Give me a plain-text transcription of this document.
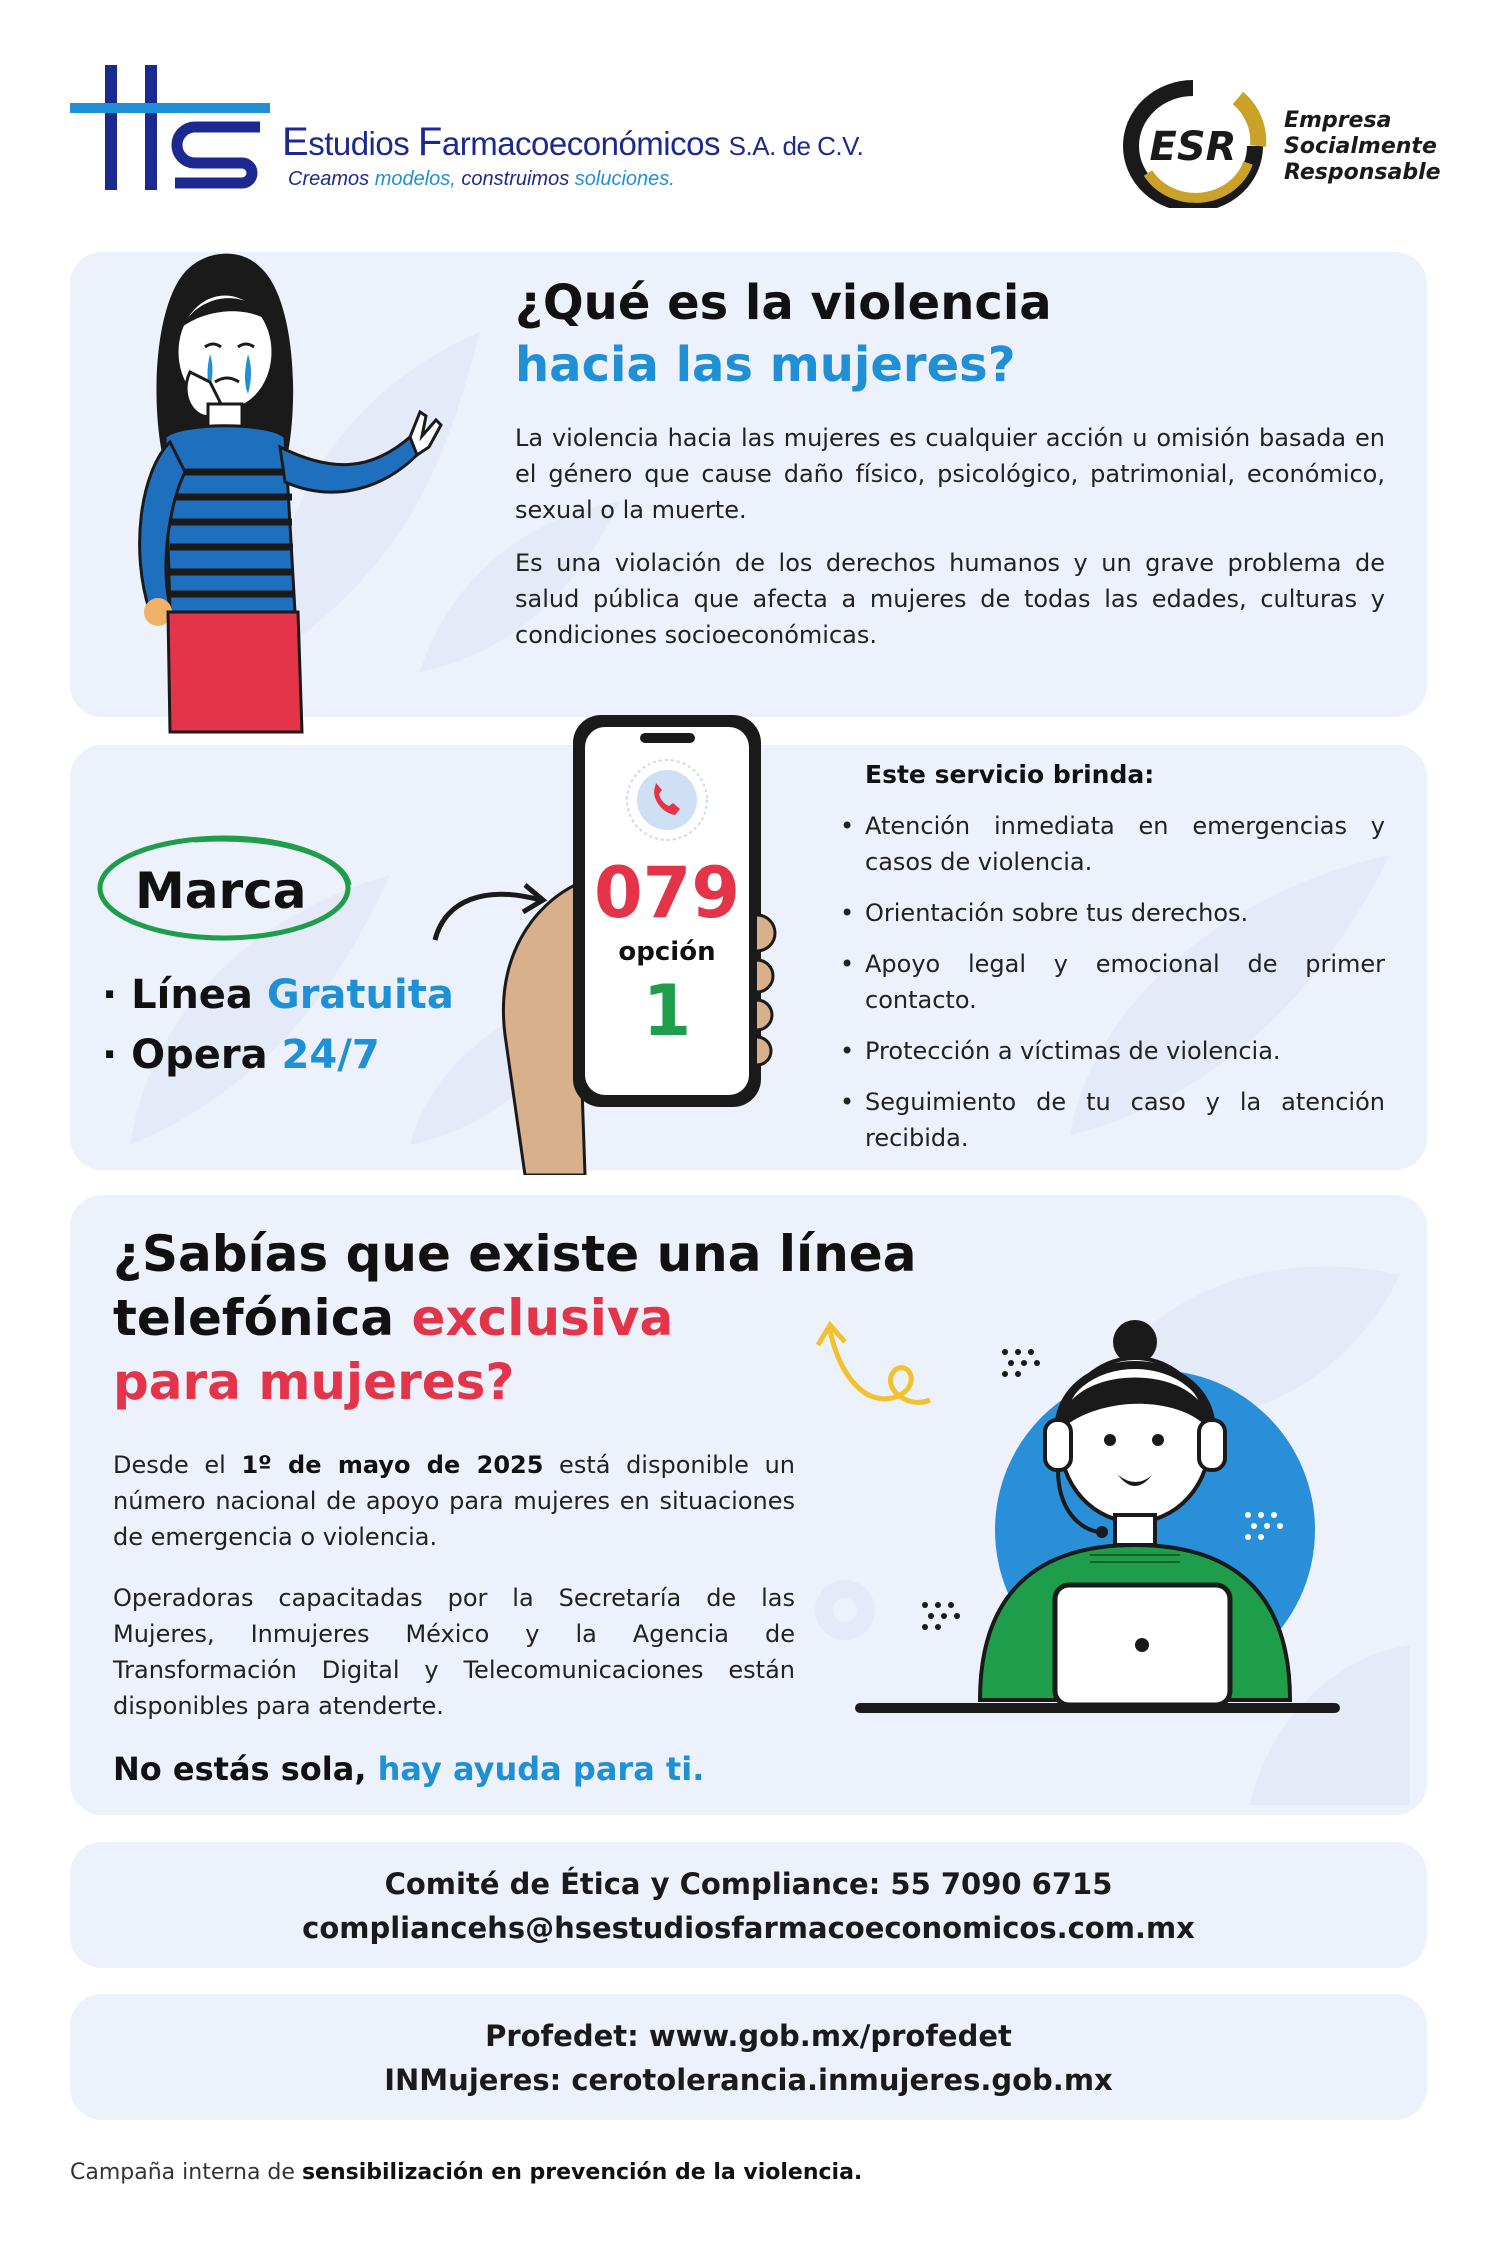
Estudios Farmacoeconómicos S.A. de C.V.
Creamos modelos, construimos soluciones.
ESR
Empresa
Socialmente
Responsable
¿Qué es la violencia
hacia las mujeres?

La violencia hacia las mujeres es cualquier acción u omisión basada en el género que cause daño físico, psicológico, patrimonial, económico, sexual o la muerte.

Es una violación de los derechos humanos y un grave problema de salud pública que afecta a mujeres de todas las edades, culturas y condiciones socioeconómicas.

Marca
· Línea Gratuita
· Opera 24/7
079
opción
1
Este servicio brinda:
• Atención inmediata en emergencias y casos de violencia.
• Orientación sobre tus derechos.
• Apoyo legal y emocional de primer contacto.
• Protección a víctimas de violencia.
• Seguimiento de tu caso y la atención recibida.
¿Sabías que existe una línea
telefónica exclusiva
para mujeres?

Desde el 1º de mayo de 2025 está disponible un número nacional de apoyo para mujeres en situaciones de emergencia o violencia.

Operadoras capacitadas por la Secretaría de las Mujeres, Inmujeres México y la Agencia de Transformación Digital y Telecomunicaciones están disponibles para atenderte.

No estás sola, hay ayuda para ti.
Comité de Ética y Compliance: 55 7090 6715
compliancehs@hsestudiosfarmacoeconomicos.com.mx
Profedet: www.gob.mx/profedet
INMujeres: cerotolerancia.inmujeres.gob.mx
Campaña interna de sensibilización en prevención de la violencia.
